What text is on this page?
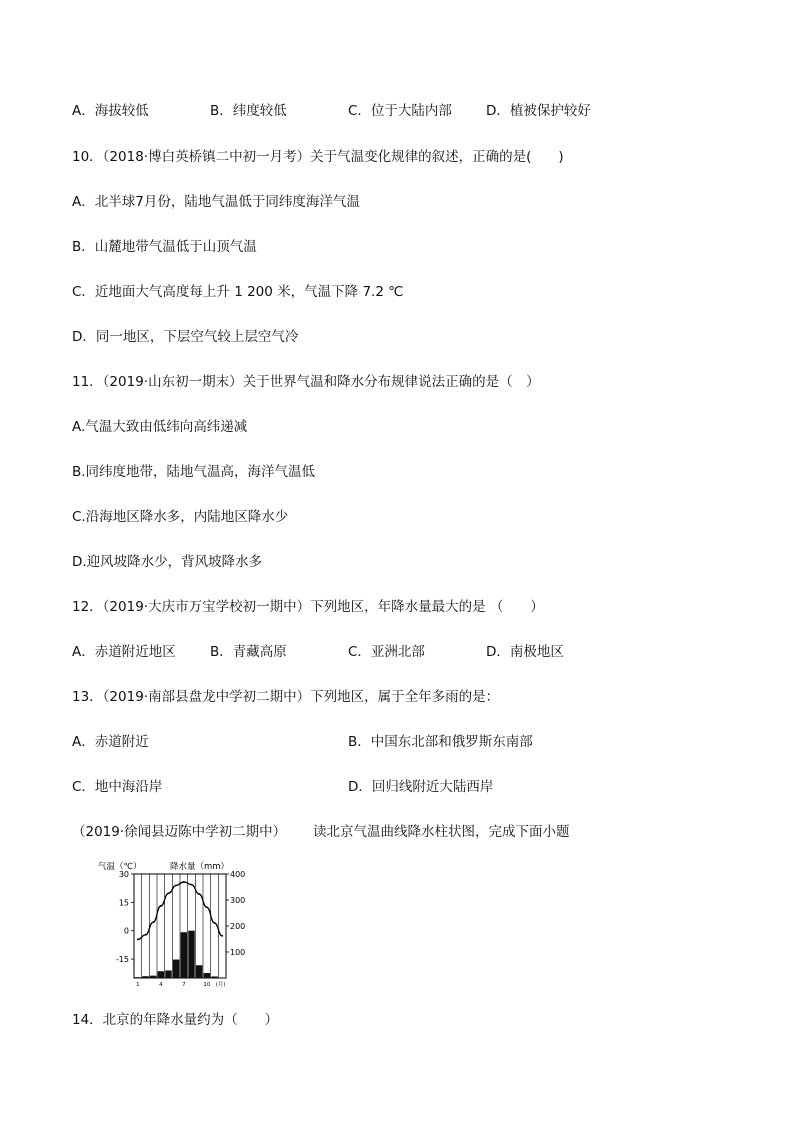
A．海拔较低	B．纬度较低	C．位于大陆内部	D．植被保护较好
10．（2018·博白英桥镇二中初一月考）关于气温变化规律的叙述，正确的是(　　)
A．北半球7月份，陆地气温低于同纬度海洋气温
B．山麓地带气温低于山顶气温
C．近地面大气高度每上升 1 200 米，气温下降 7.2 ℃
D．同一地区，下层空气较上层空气冷
11．（2019·山东初一期末）关于世界气温和降水分布规律说法正确的是（　）
A.气温大致由低纬向高纬递减
B.同纬度地带，陆地气温高，海洋气温低
C.沿海地区降水多，内陆地区降水少
D.迎风坡降水少，背风坡降水多
12．（2019·大庆市万宝学校初一期中）下列地区，年降水量最大的是 （　　）
A．赤道附近地区	B．青藏高原	C．亚洲北部	D．南极地区
13．（2019·南部县盘龙中学初二期中）下列地区，属于全年多雨的是：
A．赤道附近	B．中国东北部和俄罗斯东南部
C．地中海沿岸	D．回归线附近大陆西岸
（2019·徐闻县迈陈中学初二期中） 读北京气温曲线降水柱状图，完成下面小题
气温（℃）	降水量（mm）
30
15
0
-15
400
300
200
100
1	4	7	10 (月)
14．北京的年降水量约为（　　）
